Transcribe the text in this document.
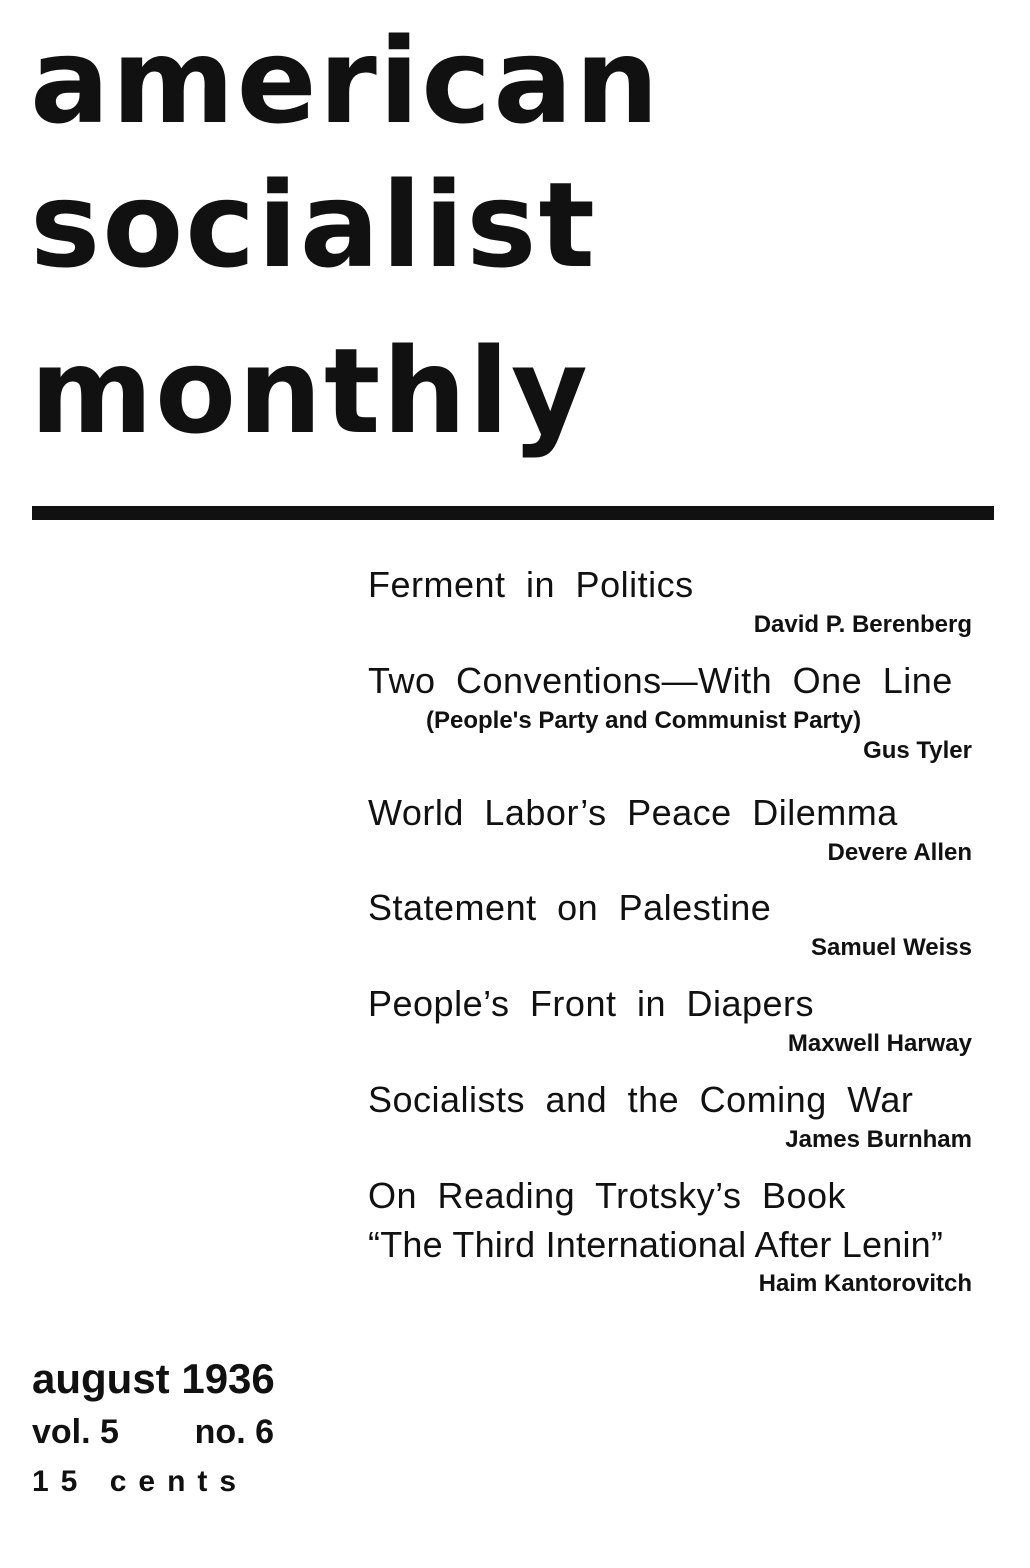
american
socialist
monthly
Ferment in Politics
David P. Berenberg
Two Conventions—With One Line
(People's Party and Communist Party)
Gus Tyler
World Labor’s Peace Dilemma
Devere Allen
Statement on Palestine
Samuel Weiss
People’s Front in Diapers
Maxwell Harway
Socialists and the Coming War
James Burnham
On Reading Trotsky’s Book
“The Third International After Lenin”
Haim Kantorovitch
august 1936
vol. 5 no. 6
15 cents
